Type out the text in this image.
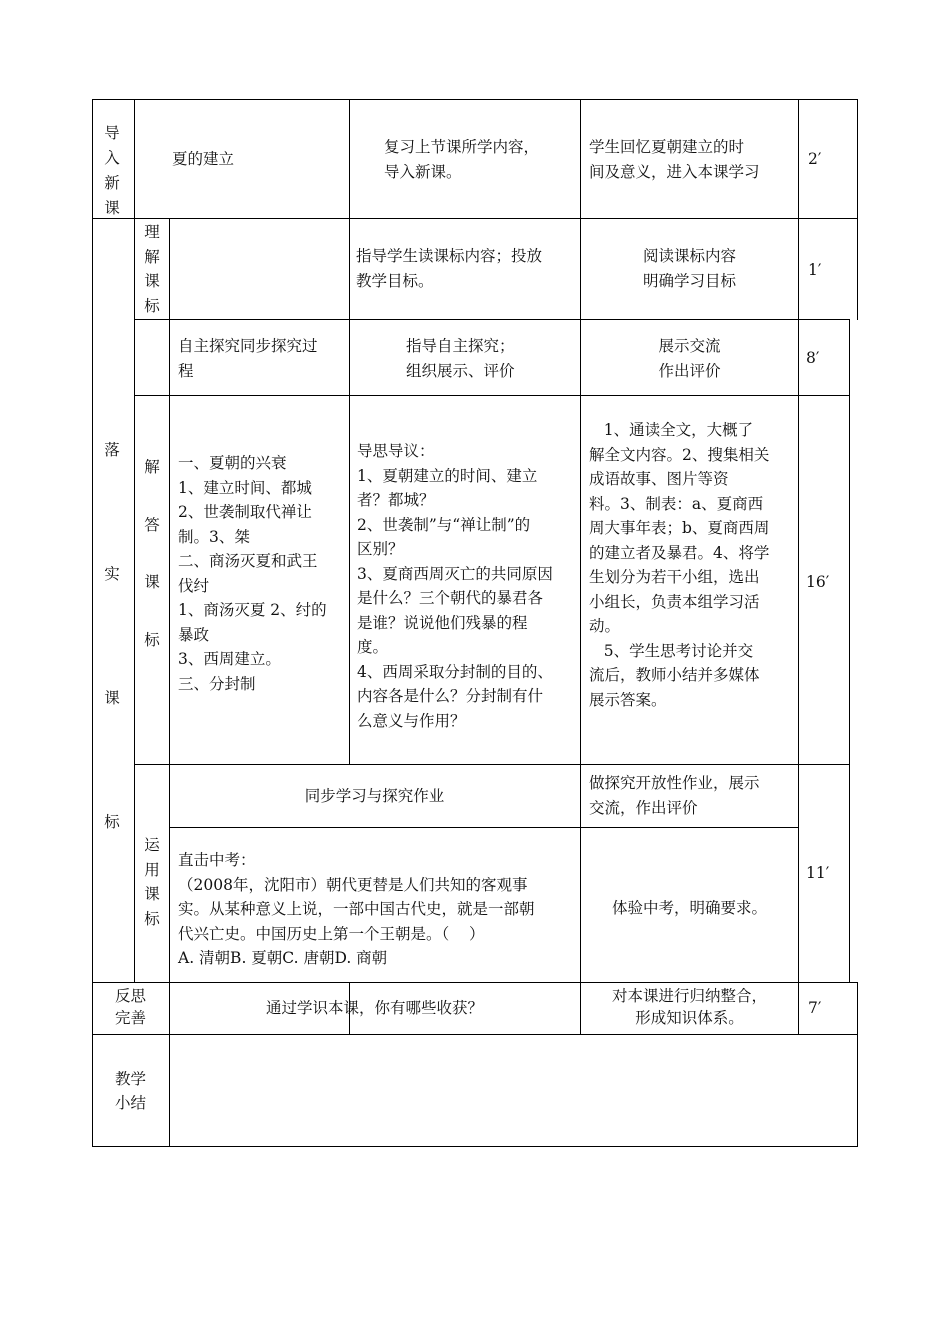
导
入
新
课
夏的建立
复习上节课所学内容，
导入新课。
学生回忆夏朝建立的时
间及意义，进入本课学习
2′
落
实
课
标
理
解
课
标
指导学生读课标内容；投放
教学目标。
阅读课标内容
明确学习目标
1′
自主探究同步探究过
程
指导自主探究；
组织展示、评价
展示交流
作出评价
8′
解
答
课
标
一、夏朝的兴衰
1、建立时间、都城
2、世袭制取代禅让
制。3、桀
二、商汤灭夏和武王
伐纣
1、商汤灭夏 2、纣的
暴政
3、西周建立。
三、分封制
导思导议：
1、夏朝建立的时间、建立
者？都城？
2、世袭制”与“禅让制”的
区别？
3、夏商西周灭亡的共同原因
是什么？三个朝代的暴君各
是谁？说说他们残暴的程
度。
4、西周采取分封制的目的、
内容各是什么？分封制有什
么意义与作用？
1、通读全文，大概了
解全文内容。2、搜集相关
成语故事、图片等资
料。3、制表：a、夏商西
周大事年表；b、夏商西周
的建立者及暴君。4、将学
生划分为若干小组，选出
小组长，负责本组学习活
动。
5、学生思考讨论并交
流后，教师小结并多媒体
展示答案。
16′
运
用
课
标
同步学习与探究作业
做探究开放性作业，展示
交流，作出评价
直击中考：
（2008年，沈阳市）朝代更替是人们共知的客观事
实。从某种意义上说，一部中国古代史，就是一部朝
代兴亡史。中国历史上第一个王朝是。（    ）
A. 清朝B. 夏朝C. 唐朝D. 商朝
体验中考，明确要求。
11′
反思
完善
通过学识本课，你有哪些收获？
对本课进行归纳整合，
形成知识体系。
7′
教学
小结
